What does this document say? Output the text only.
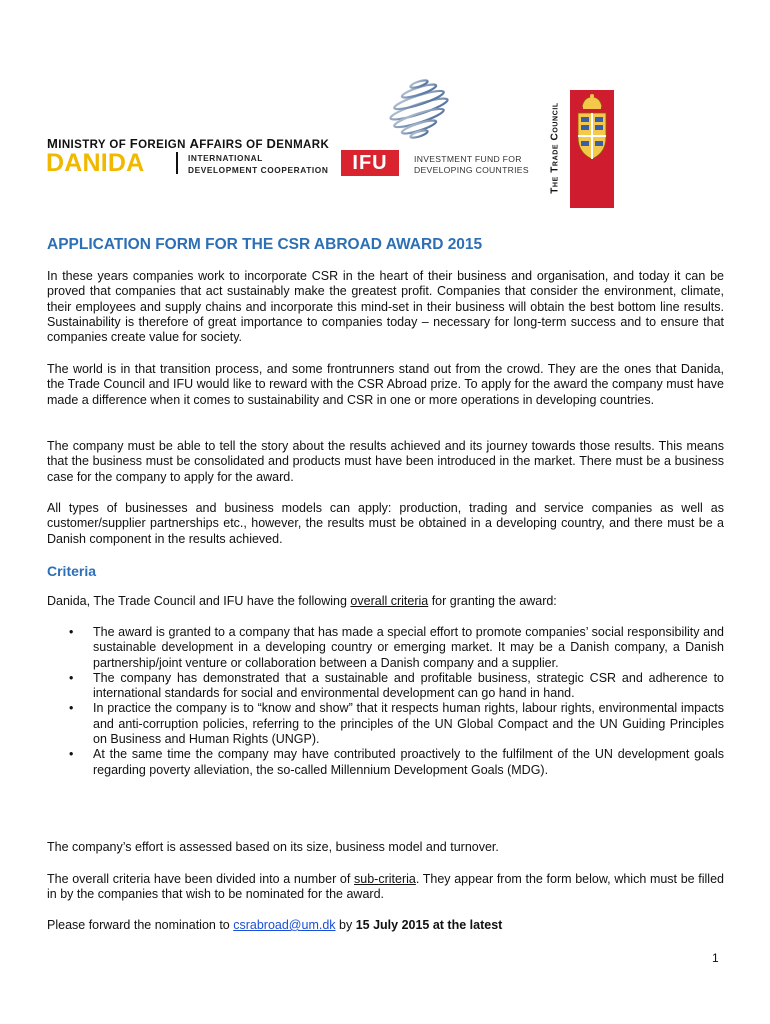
MINISTRY OF FOREIGN AFFAIRS OF DENMARK
DANIDA	INTERNATIONAL
DEVELOPMENT COOPERATION	IFU	INVESTMENT FUND FOR
DEVELOPING COUNTRIES The Trade Council
APPLICATION FORM FOR THE CSR ABROAD AWARD 2015
In these years companies work to incorporate CSR in the heart of their business and organisation, and today it can be proved that companies that act sustainably make the greatest profit. Companies that consider the environment, climate, their employees and supply chains and incorporate this mind-set in their business will obtain the best bottom line results. Sustainability is therefore of great importance to companies today – necessary for long-term success and to ensure that companies create value for society.
The world is in that transition process, and some frontrunners stand out from the crowd. They are the ones that Danida, the Trade Council and IFU would like to reward with the CSR Abroad prize. To apply for the award the company must have made a difference when it comes to sustainability and CSR in one or more operations in developing countries.
The company must be able to tell the story about the results achieved and its journey towards those results. This means that the business must be consolidated and products must have been introduced in the market. There must be a business case for the company to apply for the award.
All types of businesses and business models can apply: production, trading and service companies as well as customer/supplier partnerships etc., however, the results must be obtained in a developing country, and there must be a Danish component in the results achieved.
Criteria
Danida, The Trade Council and IFU have the following overall criteria for granting the award:
• The award is granted to a company that has made a special effort to promote companies’ social responsibility and sustainable development in a developing country or emerging market. It may be a Danish company, a Danish partnership/joint venture or collaboration between a Danish company and a supplier.
• The company has demonstrated that a sustainable and profitable business, strategic CSR and adherence to international standards for social and environmental development can go hand in hand.
• In practice the company is to “know and show” that it respects human rights, labour rights, environmental impacts and anti-corruption policies, referring to the principles of the UN Global Compact and the UN Guiding Principles on Business and Human Rights (UNGP).
• At the same time the company may have contributed proactively to the fulfilment of the UN development goals regarding poverty alleviation, the so-called Millennium Development Goals (MDG).
The company’s effort is assessed based on its size, business model and turnover.
The overall criteria have been divided into a number of sub-criteria. They appear from the form below, which must be filled in by the companies that wish to be nominated for the award.
Please forward the nomination to csrabroad@um.dk by 15 July 2015 at the latest
1
